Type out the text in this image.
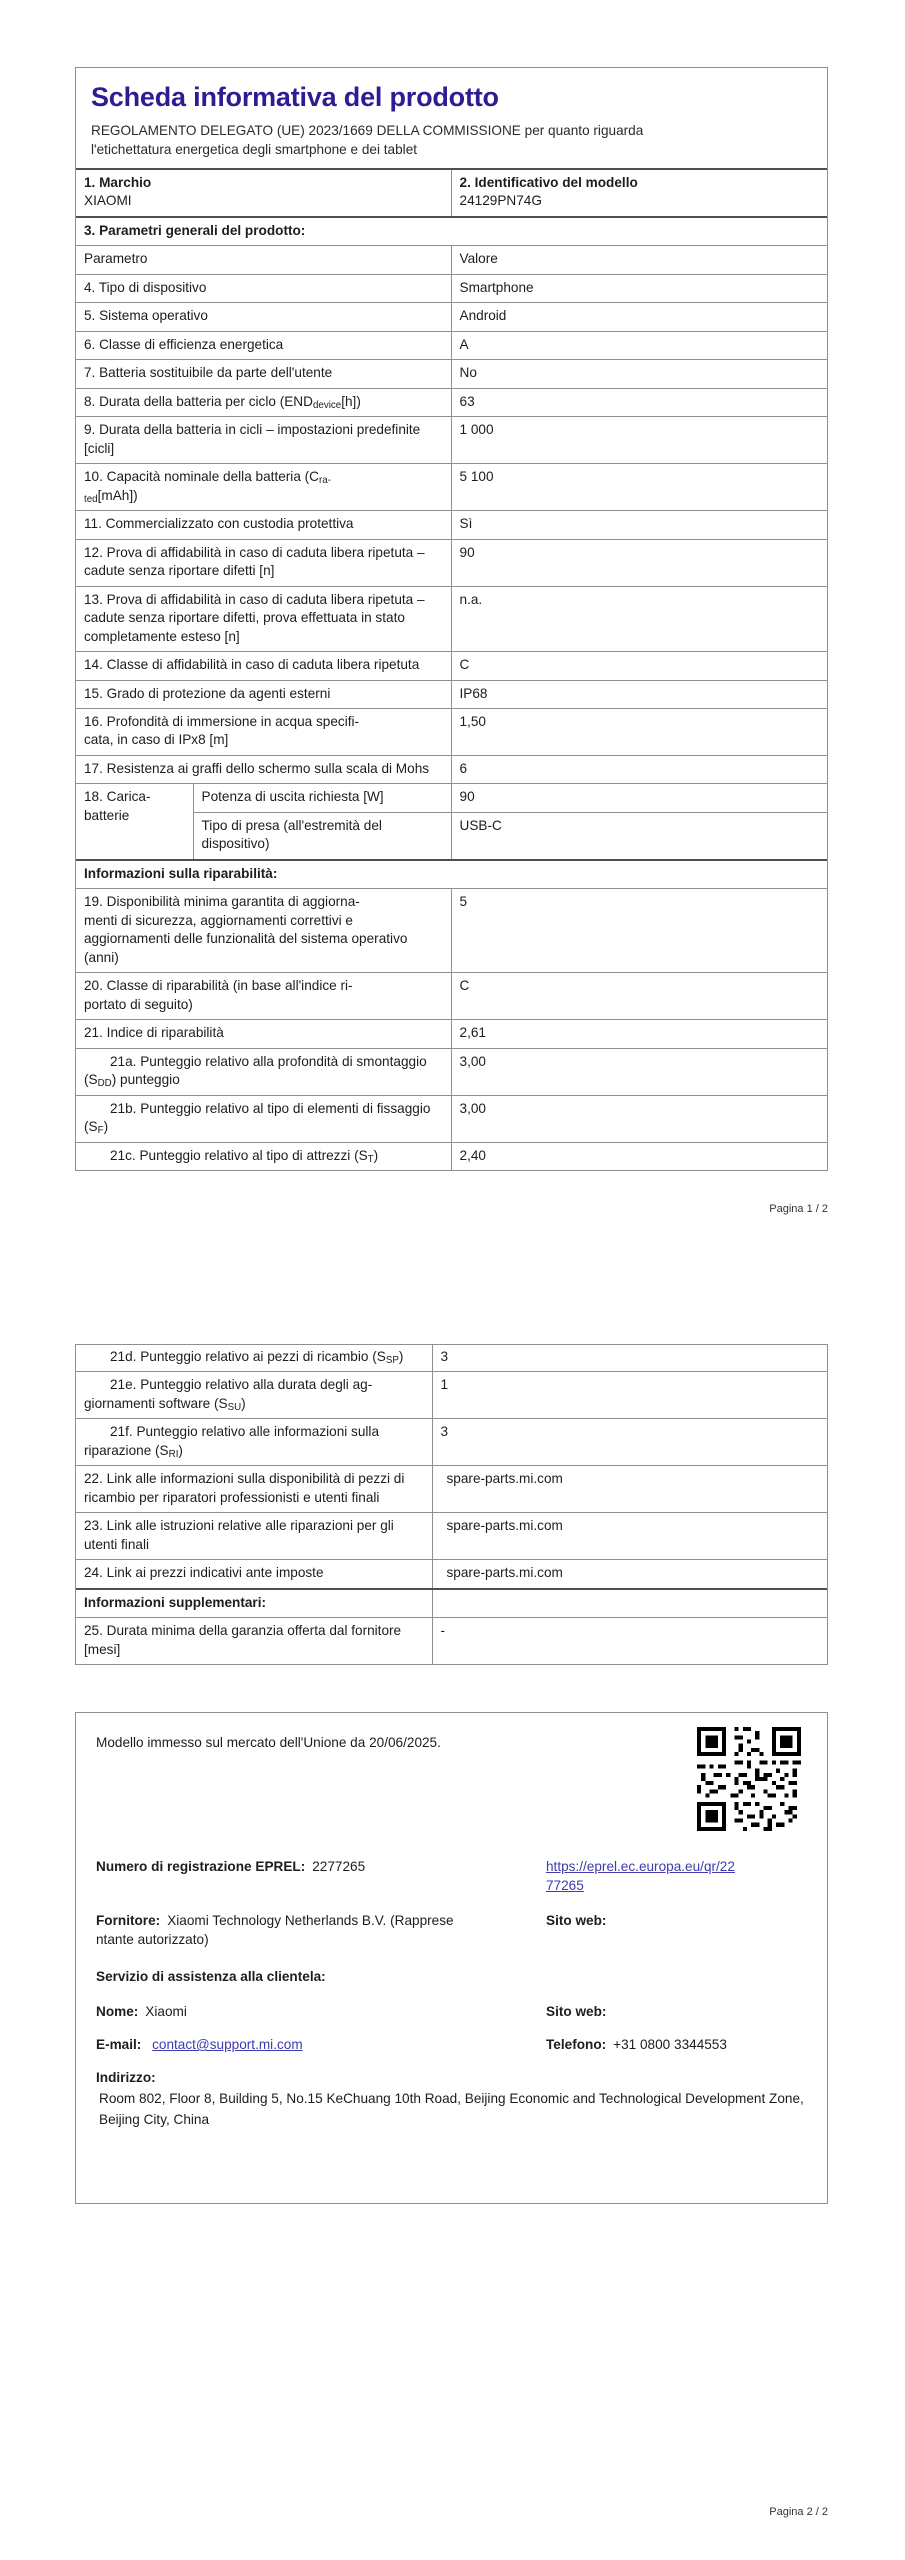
Scheda informativa del prodotto

REGOLAMENTO DELEGATO (UE) 2023/1669 DELLA COMMISSIONE per quanto riguarda
l'etichettatura energetica degli smartphone e dei tablet

1. Marchio
XIAOMI

2. Identificativo del modello
24129PN74G

3. Parametri generali del prodotto:		
Parametro		Valore
4. Tipo di dispositivo		Smartphone
5. Sistema operativo		Android
6. Classe di efficienza energetica		A
7. Batteria sostituibile da parte dell'utente		No
8. Durata della batteria per ciclo $(END_{device}[h])$		63
9. Durata della batteria in cicli – impostazioni predefinite [cicli]		1 000
10. Capacità nominale della batteria ($C_{ra-}$
$_{ted}$[mAh])		5 100
11. Commercializzato con custodia protettiva		Sì
12. Prova di affidabilità in caso di caduta libera ripetuta – cadute senza riportare difetti [n]		90
13. Prova di affidabilità in caso di caduta libera ripetuta – cadute senza riportare difetti, prova effettuata in stato completamente esteso [n]		n.a.
14. Classe di affidabilità in caso di caduta libera ripetuta		C
15. Grado di protezione da agenti esterni		IP68
16. Profondità di immersione in acqua specifi-
cata, in caso di IPx8 [m]		1,50
17. Resistenza ai graffi dello schermo sulla scala di Mohs		6
18. Carica-batterie	Potenza di uscita richiesta [W]	90
	Tipo di presa (all'estremità del dispositivo)	USB-C
Informazioni sulla riparabilità:		
19. Disponibilità minima garantita di aggiorna-
menti di sicurezza, aggiornamenti correttivi e aggiornamenti delle funzionalità del sistema operativo (anni)		5
20. Classe di riparabilità (in base all'indice ri-
portato di seguito)		C
21. Indice di riparabilità		2,61
21a. Punteggio relativo alla profondità di smontaggio $(S_{DD})$ punteggio		3,00
21b. Punteggio relativo al tipo di elementi di fissaggio $(S_F)$		3,00
21c. Punteggio relativo al tipo di attrezzi $(S_T)$		2,40
Pagina 1 / 2
21d. Punteggio relativo ai pezzi di ricambio $(S_{SP})$	3
21e. Punteggio relativo alla durata degli ag-
giornamenti software $(S_{SU})$	1
21f. Punteggio relativo alle informazioni sulla riparazione $(S_{RI})$	3
22. Link alle informazioni sulla disponibilità di pezzi di ricambio per riparatori professionisti e utenti finali	spare-parts.mi.com
23. Link alle istruzioni relative alle riparazioni per gli utenti finali	spare-parts.mi.com
24. Link ai prezzi indicativi ante imposte	spare-parts.mi.com
Informazioni supplementari:	
25. Durata minima della garanzia offerta dal fornitore [mesi]	-

Modello immesso sul mercato dell'Unione da 20/06/2025.

Numero di registrazione EPREL: 2277265	https://eprel.ec.europa.eu/qr/22
77265
Fornitore: Xiaomi Technology Netherlands B.V. (Rapprese
ntante autorizzato)
Sito web:

Servizio di assistenza alla clientela:

Nome: Xiaomi	Sito web:
E-mail: contact@support.mi.com	Telefono: +31 0800 3344553

Indirizzo:

Room 802, Floor 8, Building 5, No.15 KeChuang 10th Road, Beijing Economic and Technological Development Zone, Beijing City, China

Pagina 2 / 2
